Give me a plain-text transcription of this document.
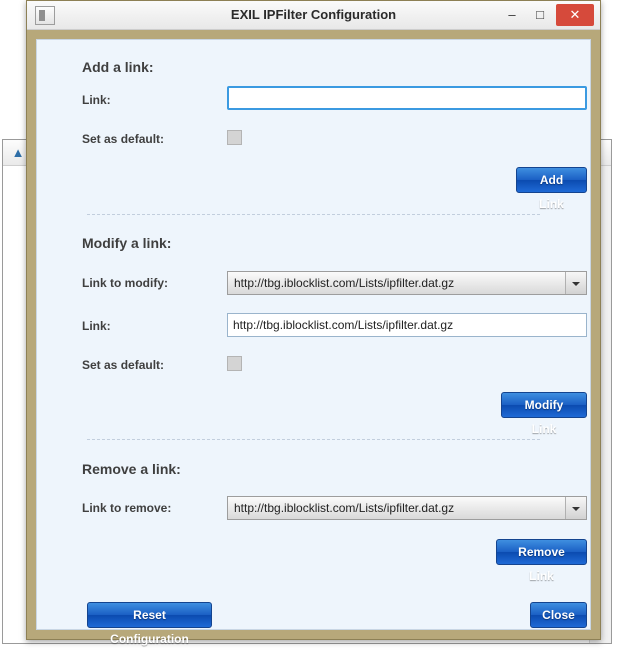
▲
EXIL IPFilter Configuration	–	□	✕
Add a link:
Link:
Set as default:
Add Link
Modify a link:
Link to modify:	http://tbg.iblocklist.com/Lists/ipfilter.dat.gz
Link:
http://tbg.iblocklist.com/Lists/ipfilter.dat.gz
Set as default:
Modify Link
Remove a link:
Link to remove:	http://tbg.iblocklist.com/Lists/ipfilter.dat.gz
Remove Link
Reset Configuration
Close
